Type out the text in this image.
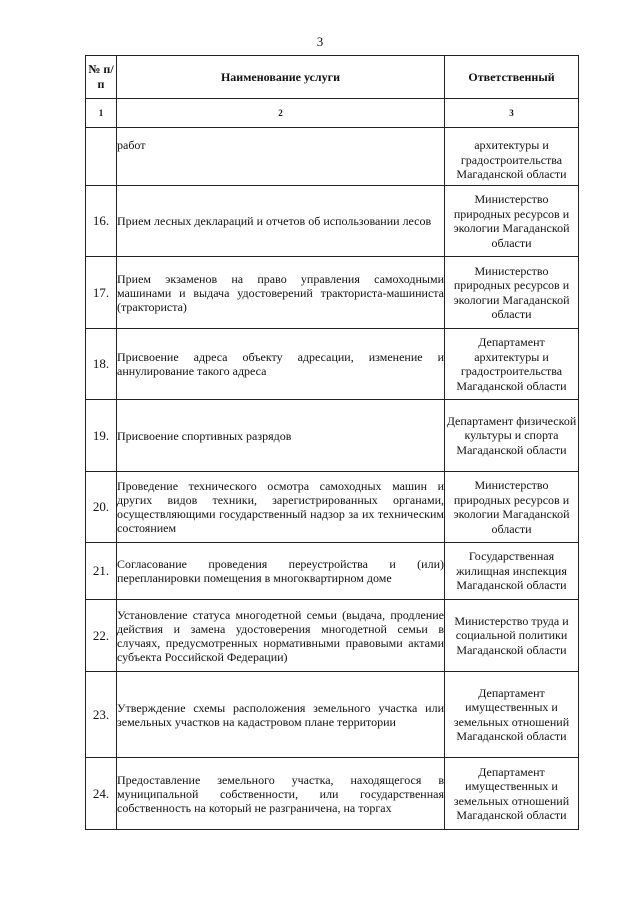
3
№ п/п	Наименование услуги	Ответственный
1	2	3
	работ	архитектуры и градостроительства Магаданской области
16.	Прием лесных деклараций и отчетов об использовании лесов	Министерство природных ресурсов и экологии Магаданской области
17.	Прием экзаменов на право управления самоходными машинами и выдача удостоверений тракториста-машиниста (тракториста)	Министерство природных ресурсов и экологии Магаданской области
18.	Присвоение адреса объекту адресации, изменение и аннулирование такого адреса	Департамент архитектуры и градостроительства Магаданской области
19.	Присвоение спортивных разрядов	Департамент физической культуры и спорта Магаданской области
20.	Проведение технического осмотра самоходных машин и других видов техники, зарегистрированных органами, осуществляющими государственный надзор за их техническим состоянием	Министерство природных ресурсов и экологии Магаданской области
21.	Согласование проведения переустройства и (или) перепланировки помещения в многоквартирном доме	Государственная жилищная инспекция Магаданской области
22.	Установление статуса многодетной семьи (выдача, продление действия и замена удостоверения многодетной семьи в случаях, предусмотренных нормативными правовыми актами субъекта Российской Федерации)	Министерство труда и социальной политики Магаданской области
23.	Утверждение схемы расположения земельного участка или земельных участков на кадастровом плане территории	Департамент имущественных и земельных отношений Магаданской области
24.	Предоставление земельного участка, находящегося в муниципальной собственности, или государственная собственность на который не разграничена, на торгах	Департамент имущественных и земельных отношений Магаданской области
